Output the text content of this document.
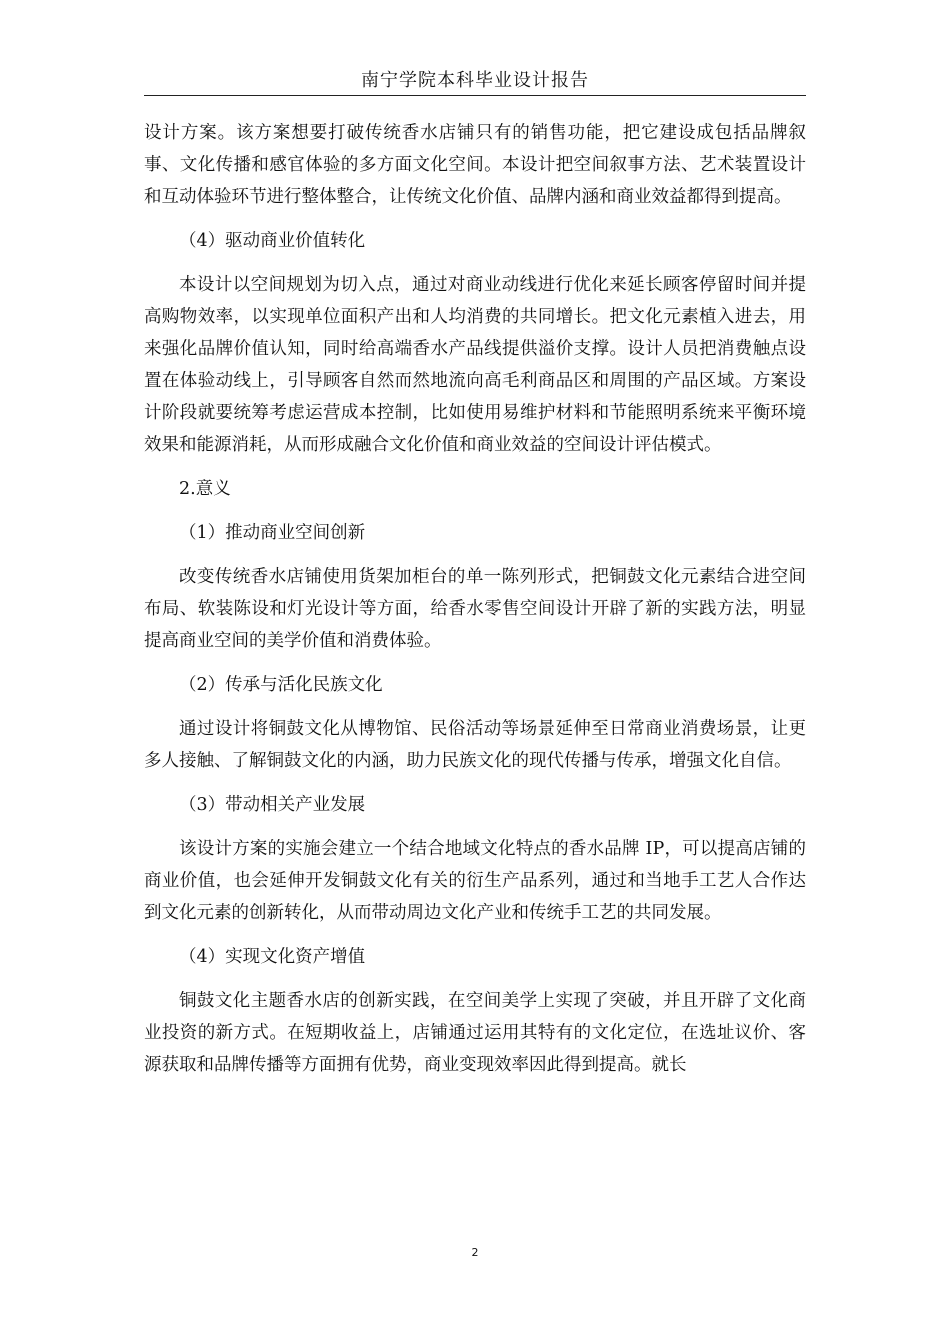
南宁学院本科毕业设计报告

设计方案。该方案想要打破传统香水店铺只有的销售功能，把它建设成包括品牌叙事、文化传播和感官体验的多方面文化空间。本设计把空间叙事方法、艺术装置设计和互动体验环节进行整体整合，让传统文化价值、品牌内涵和商业效益都得到提高。

（4）驱动商业价值转化

本设计以空间规划为切入点，通过对商业动线进行优化来延长顾客停留时间并提高购物效率，以实现单位面积产出和人均消费的共同增长。把文化元素植入进去，用来强化品牌价值认知，同时给高端香水产品线提供溢价支撑。设计人员把消费触点设置在体验动线上，引导顾客自然而然地流向高毛利商品区和周围的产品区域。方案设计阶段就要统筹考虑运营成本控制，比如使用易维护材料和节能照明系统来平衡环境效果和能源消耗，从而形成融合文化价值和商业效益的空间设计评估模式。

2.意义

（1）推动商业空间创新

改变传统香水店铺使用货架加柜台的单一陈列形式，把铜鼓文化元素结合进空间布局、软装陈设和灯光设计等方面，给香水零售空间设计开辟了新的实践方法，明显提高商业空间的美学价值和消费体验。

（2）传承与活化民族文化

通过设计将铜鼓文化从博物馆、民俗活动等场景延伸至日常商业消费场景，让更多人接触、了解铜鼓文化的内涵，助力民族文化的现代传播与传承，增强文化自信。

（3）带动相关产业发展

该设计方案的实施会建立一个结合地域文化特点的香水品牌 IP，可以提高店铺的商业价值，也会延伸开发铜鼓文化有关的衍生产品系列，通过和当地手工艺人合作达到文化元素的创新转化，从而带动周边文化产业和传统手工艺的共同发展。

（4）实现文化资产增值

铜鼓文化主题香水店的创新实践，在空间美学上实现了突破，并且开辟了文化商业投资的新方式。在短期收益上，店铺通过运用其特有的文化定位，在选址议价、客源获取和品牌传播等方面拥有优势，商业变现效率因此得到提高。就长

2
